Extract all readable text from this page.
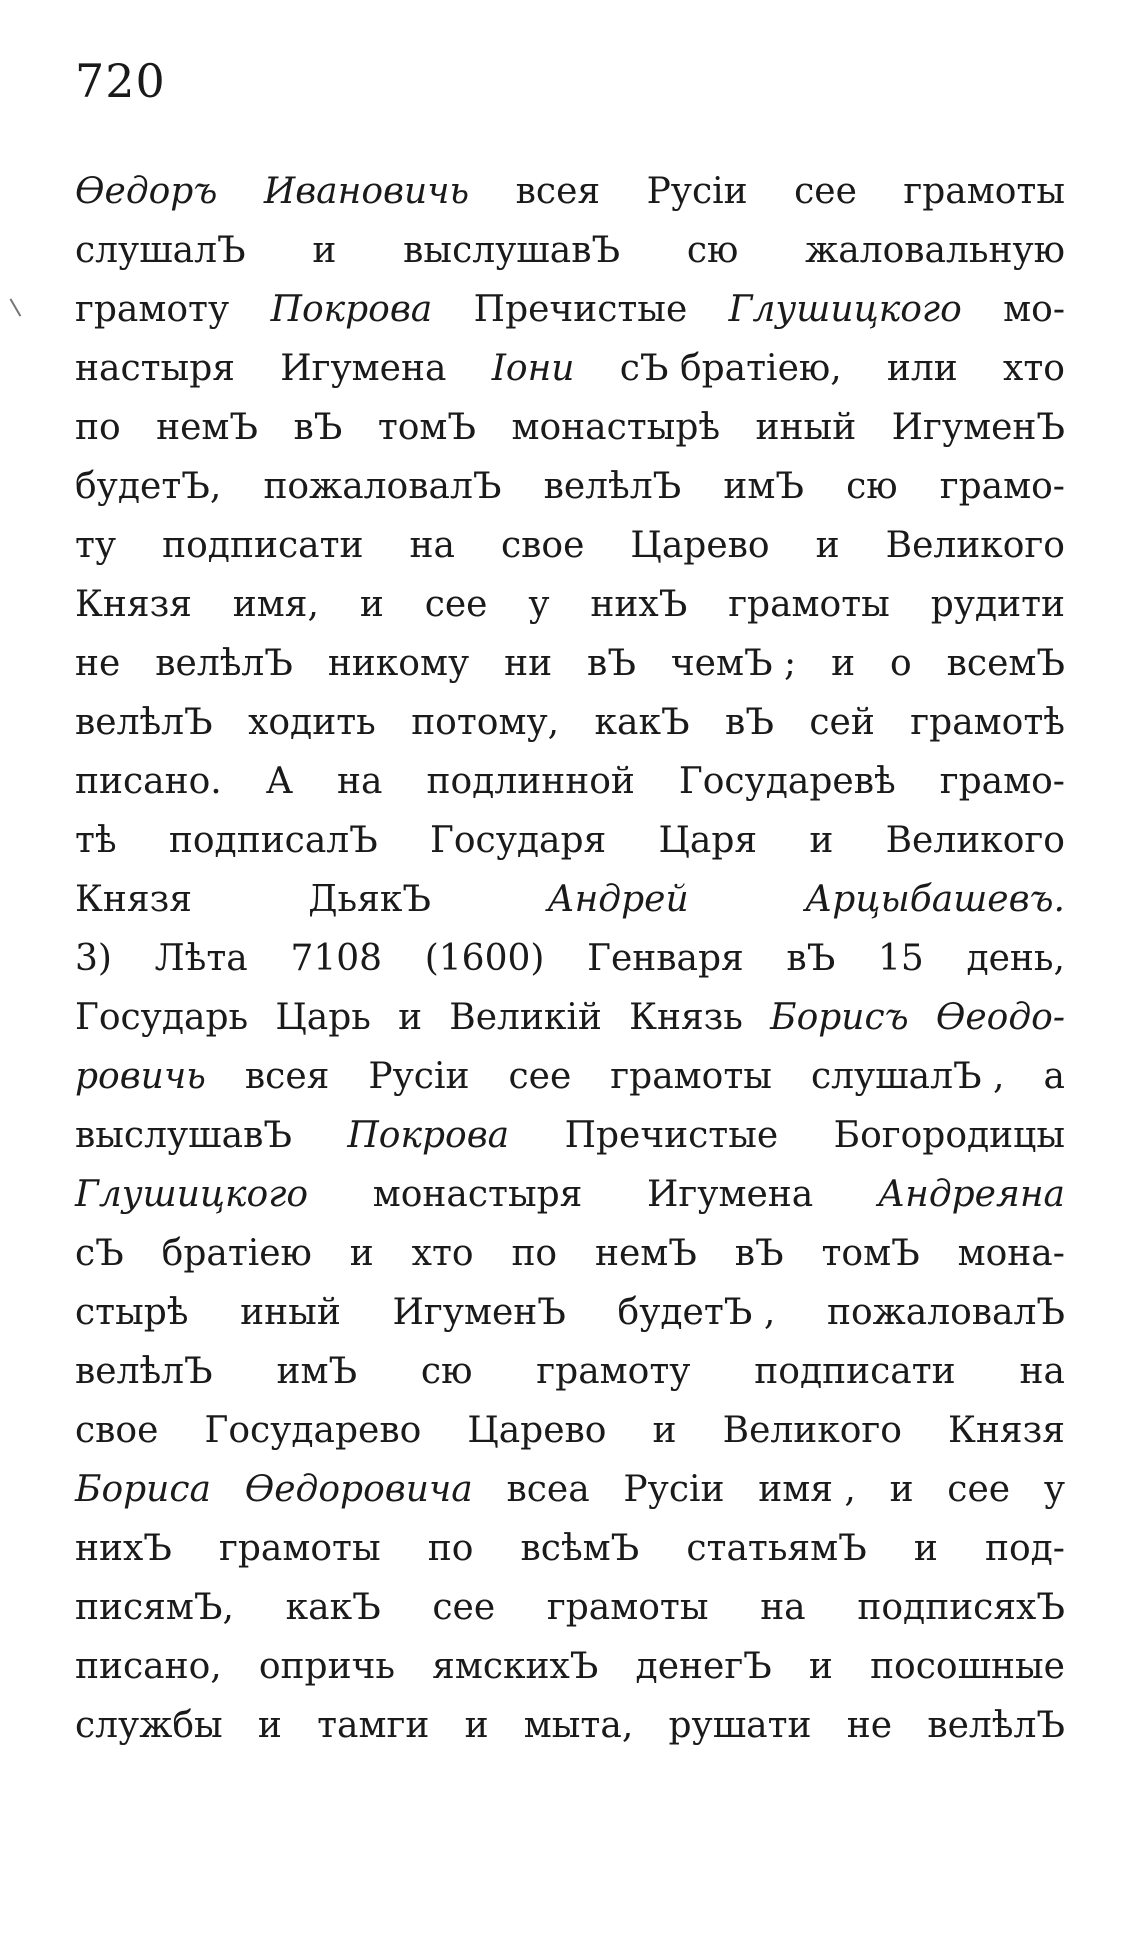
720
Өедоръ Ивановичь всея Русіи сее грамоты
слушалЪ и выслушавЪ сю жаловальную
грамоту Покрова Пречистые Глушицкого мо-
настыря Игумена Іони сЪ братіею, или хто
по немЪ вЪ томЪ монастырѣ иный ИгуменЪ
будетЪ, пожаловалЪ велѣлЪ имЪ сю грамо-
ту подписати на свое Царево и Великого
Князя имя, и сее у нихЪ грамоты рудити
не велѣлЪ никому ни вЪ чемЪ ; и о всемЪ
велѣлЪ ходить потому, какЪ вЪ сей грамотѣ
писано. А на подлинной Государевѣ грамо-
тѣ подписалЪ Государя Царя и Великого
Князя	ДьякЪ	Андрей	Арцыбашевъ.
3) Лѣта 7108 (1600) Генваря вЪ 15 день,
Государь Царь и Великій Князь Борисъ Өеодо-
ровичь всея Русіи сее грамоты слушалЪ , а
выслушавЪ Покрова Пречистые Богородицы
Глушицкого монастыря Игумена Андреяна
сЪ братіею и хто по немЪ вЪ томЪ мона-
стырѣ иный ИгуменЪ будетЪ , пожаловалЪ
велѣлЪ имЪ сю грамоту подписати на
свое Государево Царево и Великого Князя
Бориса Өедоровича всеа Русіи имя , и сее у
нихЪ грамоты по всѣмЪ статьямЪ и под-
писямЪ, какЪ сее грамоты на подписяхЪ
писано, опричь ямскихЪ денегЪ и посошные
службы и тамги и мыта, рушати не велѣлЪ
